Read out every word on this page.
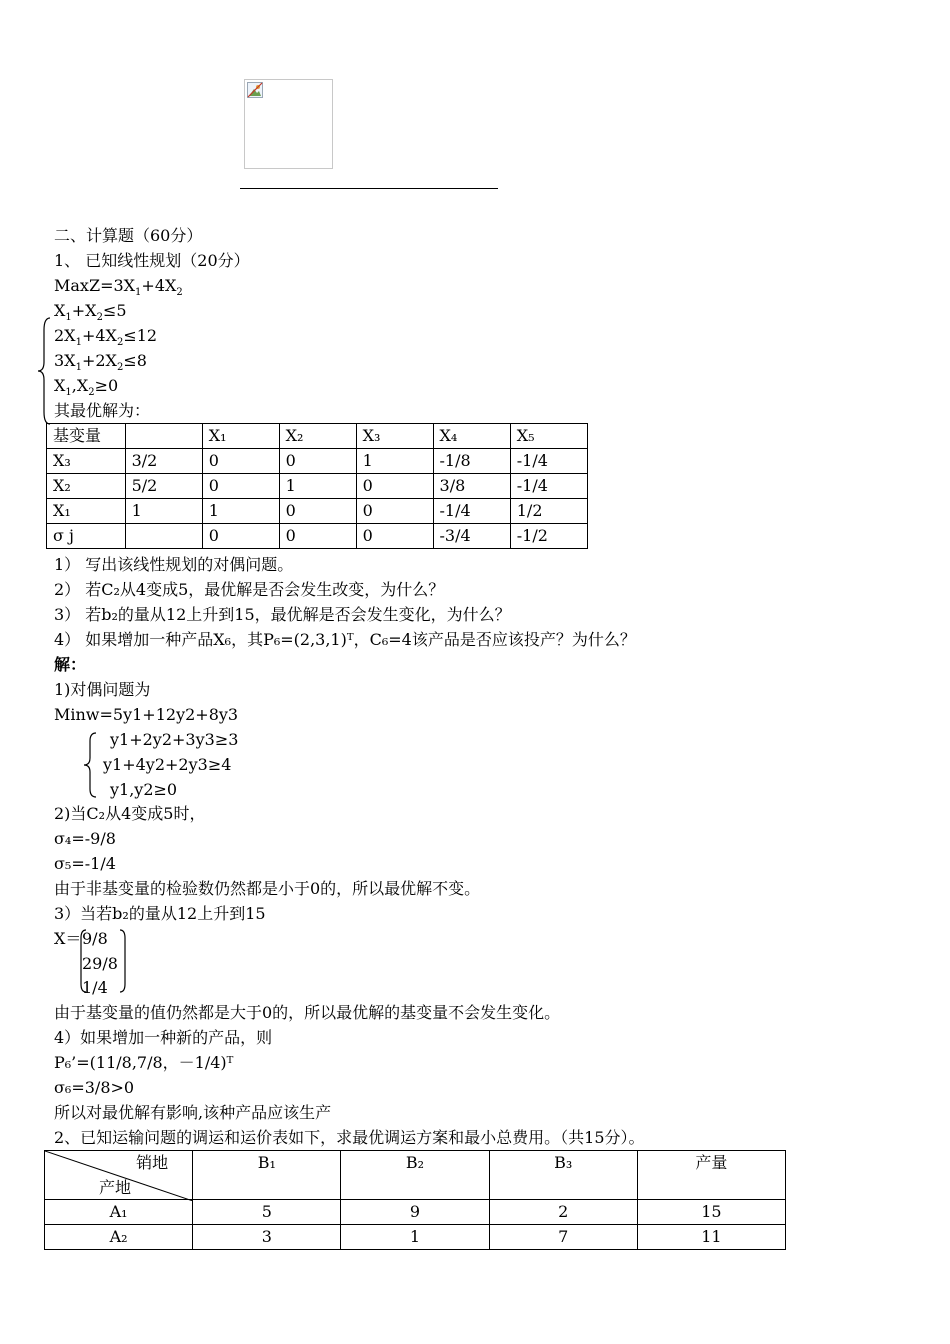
二、计算题（60分）
1、 已知线性规划（20分）
$MaxZ=3X_1+4X_2$
$X_1+X_2\le 5$
$2X_1+4X_2\le 12$
$3X_1+2X_2\le 8$
$X_1,X_2\ge 0$
其最优解为：
基变量		X₁	X₂	X₃	X₄	X₅
X₃	3/2	0	0	1	-1/8	-1/4
X₂	5/2	0	1	0	3/8	-1/4
X₁	1	1	0	0	-1/4	1/2
σ j		0	0	0	-3/4	-1/2
1） 写出该线性规划的对偶问题。
2） 若C₂从4变成5，最优解是否会发生改变，为什么？
3） 若b₂的量从12上升到15，最优解是否会发生变化，为什么？
4） 如果增加一种产品X₆，其P₆=(2,3,1)ᵀ，C₆=4该产品是否应该投产？为什么？
解：
1)对偶问题为
Minw=5y1+12y2+8y3
y1+2y2+3y3≥3
y1+4y2+2y3≥4
y1,y2≥0
2)当C₂从4变成5时，
σ₄=-9/8
σ₅=-1/4
由于非基变量的检验数仍然都是小于0的，所以最优解不变。
3）当若b₂的量从12上升到15
X＝ 9/8
29/8
1/4
由于基变量的值仍然都是大于0的，所以最优解的基变量不会发生变化。
4）如果增加一种新的产品，则
P₆’=(11/8,7/8，－1/4)ᵀ
σ₆=3/8>0
所以对最优解有影响,该种产品应该生产
2、已知运输问题的调运和运价表如下，求最优调运方案和最小总费用。（共15分）。
销地
产地	B₁	B₂	B₃	产量
A₁	5	9	2	15
A₂	3	1	7	11
